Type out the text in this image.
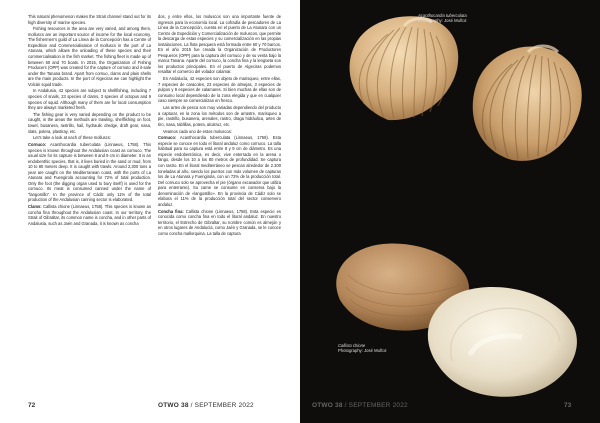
This natural phenomenon makes the Strait channel stand out for its high diversity of marine species.

Fishing resources in the area are very varied, and among them, molluscs are an important source of income for the local economy. The fishermen's guild of La Línea de la Concepción has a Centre of Expedition and Commercialisation of molluscs in the port of La Atunara, which allows the unloading of these species and their commercialisation in the fish market. The fishing fleet is made up of between 60 and 70 boats. In 2015, the Organization of Fishing Producers (OPP) was created for the capture of cornuto and it-sale under the Tanana brand. Apart from cornuo, clams and plain shells are the main products. In the port of Algeciras we can highlight the Volcán squid trade.

In Andalusia, 42 species are subject to shellfishing, including 7 species of snails, 23 species of clams, 3 species of octopus and 9 species of squid. Although many of them are for local consumption they are always marketed fresh.

The fishing gear is very varied depending on the product to be caught, in the areas the methods are trawling, shellfishing on foot, towel, busanera, rastrillo, hail, hydraulic dredge, draft gear, nasa, slats, potera, plastiray, etc.

Let's take a look at each of these molluscs:

Cornuco: Acanthocardia tuberculata (Linnaeus, 1758). This species is known throughout the Andalusian coast as cornuco. The usual size for its capture is between 8 and 9 cm in diameter. It is an endobenthic species, that is, it lives buried in the sand or mud, from 10 to 80 meters deep. It is caught with trawls. Around 2,300 tons a year are caught on the Mediterranean coast, with the ports of La Atunara and Fuengirola accounting for 72% of total production. Only the foot (the digging organ used to bury itself) is used for the cornuco. Its meat is consumed canned under the name of "langostillo". In the province of Cádiz only 11% of the total production of the Andalusian canning sector is elaborated.

Clams: Callista chione (Linnaeus, 1758). This species is known as concha fina throughout the Andalusian coast. In our territory, the Strait of Gibraltar, its common name is concha, and in other parts of Andalusia, such as Jaén and Granada, it is known as concha

dos, y entre ellos, los moluscos son una importante fuente de ingresos para la economía local. La cofradía de pescadores de La Línea de la Concepción, cuenta en el puerto de La Atunara con un Centro de Expedición y Comercialización de moluscos, que permite la descarga de estas especies y su comercialización en las propias instalaciones. La flota pesquera está formada entre 60 y 70 barcos. En el año 2015 fue creada la Organización de Productores Pesqueros (OPP) para la captura del cornuco y de su venta bajo la marca Tanana. Aparte del cornuco, la concha fina y la lengüeta son los productos principales. En el puerto de Algeciras podemos resaltar el comercio del volador calamar.

En Andalucía, 42 especies son objeto de marisqueo, entre ellas, 7 especies de caracoles, 23 especies de almejas, 3 especies de pulpos y 9 especies de calamares. Si bien muchas de ellas son de consumo local dependiendo de la zona elegida y que en cualquier caso siempre se comercializan en fresco.

Las artes de pesca son muy variadas dependiendo del producto a capturar, en la zona los métodos son de arrastre, marisqueo a pie, rastrillo, busanera, arenales, rastro, draga hidráulica, artes de tiro, nasa, tablillas, potera, alcatruz, etc.

Veamos cada uno de estos moluscos:

Cornuco: Acanthocardia tuberculata (Linnaeus, 1758). Esta especie se conoce en todo el litoral andaluz como cornuco. La talla habitual para su captura está entre 8 y 9 cm de diámetro. Es una especie endobentónica, es decir, vive enterrada en la arena o fango, desde los 10 a los 80 metros de profundidad. Se captura con rastro. En el litoral mediterráneo se pescan alrededor de 2.300 toneladas al año, siendo los puertos con más volumen de capturas los de La Atunara y Fuengirola, con un 72% de la producción total. Del cornuco solo se aprovecha el pie (órgano excavador que utiliza para enterrarse). Su carne se consume en conserva bajo la denominación de «langostillo». En la provincia de Cádiz solo se elabora el 11% de la producción total del sector conservero andaluz.

Concha fina: Callista chione (Linnaeus, 1758). Esta especie es conocida como concha fina en todo el litoral andaluz. En nuestro territorio, el Estrecho de Gibraltar, su nombre común es almejón y en otros lugares de Andalucía, como Jaén y Granada, se le conoce como concha mallorquina. La talla de captura

72	OTWO 38 / SEPTEMBER 2022
Acanthocardia tuberculata
Photography: José Muñoz
Callista chione
Photography: José Muñoz
OTWO 38 / SEPTEMBER 2022	73
